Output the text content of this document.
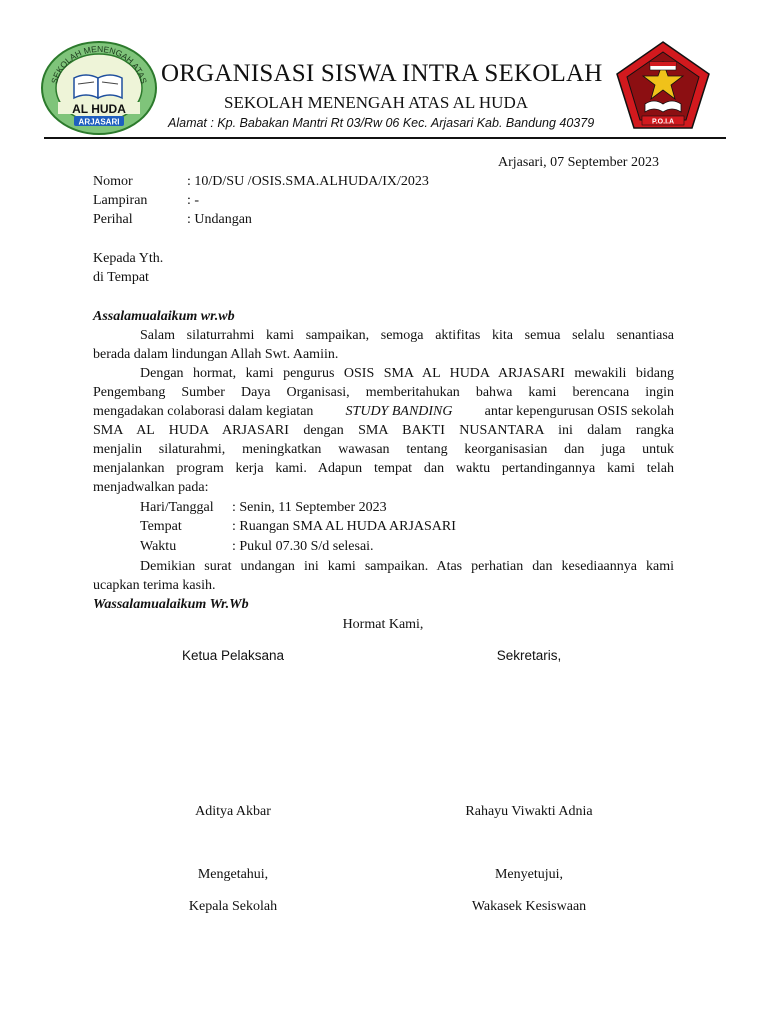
SEKOLAH MENENGAH ATAS
AL HUDA
ARJASARI	P.O.I.A
ORGANISASI SISWA INTRA SEKOLAH
SEKOLAH MENENGAH ATAS AL HUDA
Alamat : Kp. Babakan Mantri Rt 03/Rw 06 Kec. Arjasari Kab. Bandung 40379
Arjasari, 07 September 2023
Nomor	: 10/D/SU /OSIS.SMA.ALHUDA/IX/2023
Lampiran	: -
Perihal	: Undangan
Kepada Yth.
di Tempat
Assalamualaikum wr.wb
Salam silaturrahmi kami sampaikan, semoga aktifitas kita semua selalu senantiasa
berada dalam lindungan Allah Swt. Aamiin.
Dengan hormat, kami pengurus OSIS SMA AL HUDA ARJASARI mewakili bidang
Pengembang Sumber Daya Organisasi, memberitahukan bahwa kami berencana ingin
mengadakan colaborasi dalam kegiatan STUDY BANDING antar kepengurusan OSIS sekolah
SMA AL HUDA ARJASARI dengan SMA BAKTI NUSANTARA ini dalam rangka
menjalin silaturahmi, meningkatkan wawasan tentang keorganisasian dan juga untuk
menjalankan program kerja kami. Adapun tempat dan waktu pertandingannya kami telah
menjadwalkan pada:
Hari/Tanggal : Senin, 11 September 2023
Tempat	: Ruangan SMA AL HUDA ARJASARI
Waktu	: Pukul 07.30 S/d selesai.
Demikian surat undangan ini kami sampaikan. Atas perhatian dan kesediaannya kami
ucapkan terima kasih.
Wassalamualaikum Wr.Wb
Hormat Kami,
Ketua Pelaksana	Sekretaris,
Aditya Akbar	Rahayu Viwakti Adnia
Mengetahui,	Menyetujui,
Kepala Sekolah	Wakasek Kesiswaan
